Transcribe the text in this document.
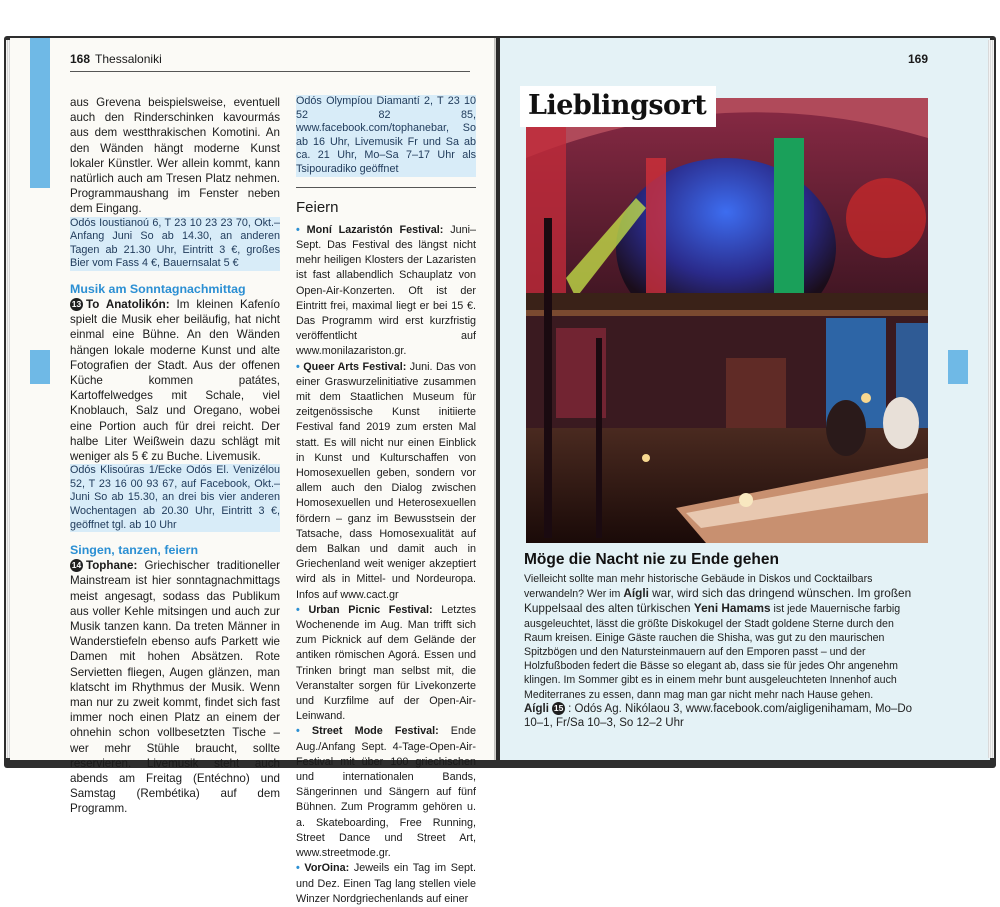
168 Thessaloniki
aus Grevena beispielsweise, eventuell auch den Rinderschinken kavourmás aus dem westthrakischen Komotini. An den Wänden hängt moderne Kunst lokaler Künstler. Wer allein kommt, kann natürlich auch am Tresen Platz nehmen. Programmaushang im Fenster neben dem Eingang.
Odós Ioustianoú 6, T 23 10 23 23 70, Okt.–Anfang Juni So ab 14.30, an anderen Tagen ab 21.30 Uhr, Eintritt 3 €, großes Bier vom Fass 4 €, Bauernsalat 5 €
Musik am Sonntagnachmittag
13 To Anatolikón: Im kleinen Kafenío spielt die Musik eher beiläufig, hat nicht einmal eine Bühne. An den Wänden hängen lokale moderne Kunst und alte Fotografien der Stadt. Aus der offenen Küche kommen patátes, Kartoffelwedges mit Schale, viel Knoblauch, Salz und Oregano, wobei eine Portion auch für drei reicht. Der halbe Liter Weißwein dazu schlägt mit weniger als 5 € zu Buche. Livemusik.
Odós Klisoúras 1/Ecke Odós El. Venizélou 52, T 23 16 00 93 67, auf Facebook, Okt.–Juni So ab 15.30, an drei bis vier anderen Wochentagen ab 20.30 Uhr, Eintritt 3 €, geöffnet tgl. ab 10 Uhr
Singen, tanzen, feiern
14 Tophane: Griechischer traditioneller Mainstream ist hier sonntagnachmittags meist angesagt, sodass das Publikum aus voller Kehle mitsingen und auch zur Musik tanzen kann. Da treten Männer in Wanderstiefeln ebenso aufs Parkett wie Damen mit hohen Absätzen. Rote Servietten fliegen, Augen glänzen, man klatscht im Rhythmus der Musik. Wenn man nur zu zweit kommt, findet sich fast immer noch einen Platz an einem der ohnehin schon vollbesetzten Tische – wer mehr Stühle braucht, sollte reservieren. Livemusik steht auch abends am Freitag (Entéchno) und Samstag (Rembétika) auf dem Programm.
Odós Olympíou Diamantí 2, T 23 10 52 82 85, www.facebook.com/tophanebar, So ab 16 Uhr, Livemusik Fr und Sa ab ca. 21 Uhr, Mo–Sa 7–17 Uhr als Tsipouradiko geöffnet
Feiern
• Moní Lazaristón Festival: Juni–Sept. Das Festival des längst nicht mehr heiligen Klosters der Lazaristen ist fast allabendlich Schauplatz von Open-Air-Konzerten. Oft ist der Eintritt frei, maximal liegt er bei 15 €. Das Programm wird erst kurzfristig veröffentlicht auf www.monilazariston.gr.
• Queer Arts Festival: Juni. Das von einer Graswurzelinitiative zusammen mit dem Staatlichen Museum für zeitgenössische Kunst initiierte Festival fand 2019 zum ersten Mal statt. Es will nicht nur einen Einblick in Kunst und Kulturschaffen von Homosexuellen geben, sondern vor allem auch den Dialog zwischen Homosexuellen und Heterosexuellen fördern – ganz im Bewusstsein der Tatsache, dass Homosexualität auf dem Balkan und damit auch in Griechenland weit weniger akzeptiert wird als in Mittel- und Nordeuropa. Infos auf www.cact.gr
• Urban Picnic Festival: Letztes Wochenende im Aug. Man trifft sich zum Picknick auf dem Gelände der antiken römischen Agorá. Essen und Trinken bringt man selbst mit, die Veranstalter sorgen für Livekonzerte und Kurzfilme auf der Open-Air-Leinwand.
• Street Mode Festival: Ende Aug./Anfang Sept. 4-Tage-Open-Air-Festival mit über 100 griechischen und internationalen Bands, Sängerinnen und Sängern auf fünf Bühnen. Zum Programm gehören u. a. Skateboarding, Free Running, Street Dance und Street Art, www.streetmode.gr.
• VorOina: Jeweils ein Tag im Sept. und Dez. Einen Tag lang stellen viele Winzer Nordgriechenlands auf einer
169
Lieblingsort
Möge die Nacht nie zu Ende gehen
Vielleicht sollte man mehr historische Gebäude in Diskos und Cocktailbars verwandeln? Wer im Aígli war, wird sich das dringend wünschen. Im großen Kuppelsaal des alten türkischen Yeni Hamams ist jede Mauernische farbig ausgeleuchtet, lässt die größte Diskokugel der Stadt goldene Sterne durch den Raum kreisen. Einige Gäste rauchen die Shisha, was gut zu den maurischen Spitzbögen und den Natursteinmauern auf den Emporen passt – und der Holzfußboden federt die Bässe so elegant ab, dass sie für jedes Ohr angenehm klingen. Im Sommer gibt es in einem mehr bunt ausgeleuchteten Innenhof auch Mediterranes zu essen, dann mag man gar nicht mehr nach Hause gehen.
Aígli 15 : Odós Ag. Nikólaou 3, www.facebook.com/aigligenihamam, Mo–Do 10–1, Fr/Sa 10–3, So 12–2 Uhr
